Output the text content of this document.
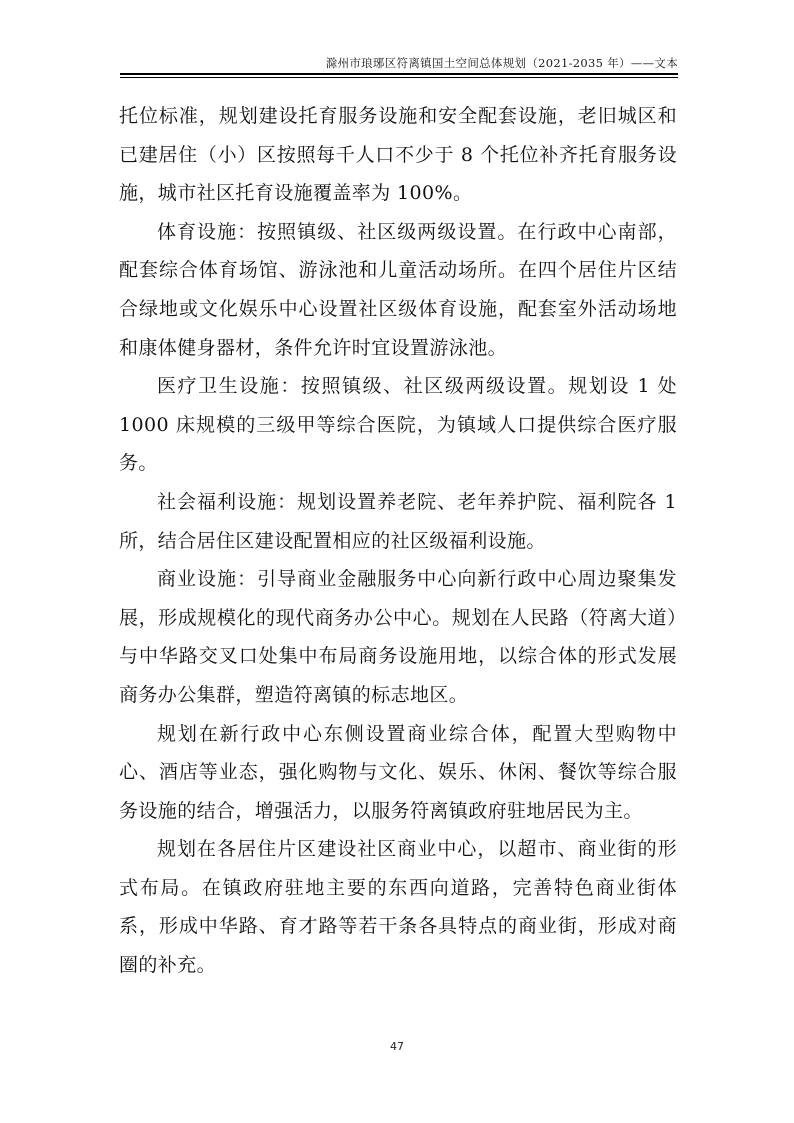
滁州市琅琊区符离镇国土空间总体规划（2021-2035 年）——文本

托位标准，规划建设托育服务设施和安全配套设施，老旧城区和已建居住（小）区按照每千人口不少于 8 个托位补齐托育服务设施，城市社区托育设施覆盖率为 100%。

体育设施：按照镇级、社区级两级设置。在行政中心南部，配套综合体育场馆、游泳池和儿童活动场所。在四个居住片区结合绿地或文化娱乐中心设置社区级体育设施，配套室外活动场地和康体健身器材，条件允许时宜设置游泳池。

医疗卫生设施：按照镇级、社区级两级设置。规划设 1 处 1000 床规模的三级甲等综合医院，为镇域人口提供综合医疗服务。

社会福利设施：规划设置养老院、老年养护院、福利院各 1 所，结合居住区建设配置相应的社区级福利设施。

商业设施：引导商业金融服务中心向新行政中心周边聚集发展，形成规模化的现代商务办公中心。规划在人民路（符离大道）与中华路交叉口处集中布局商务设施用地，以综合体的形式发展商务办公集群，塑造符离镇的标志地区。

规划在新行政中心东侧设置商业综合体，配置大型购物中心、酒店等业态，强化购物与文化、娱乐、休闲、餐饮等综合服务设施的结合，增强活力，以服务符离镇政府驻地居民为主。

规划在各居住片区建设社区商业中心，以超市、商业街的形式布局。在镇政府驻地主要的东西向道路，完善特色商业街体系，形成中华路、育才路等若干条各具特点的商业街，形成对商圈的补充。

47
